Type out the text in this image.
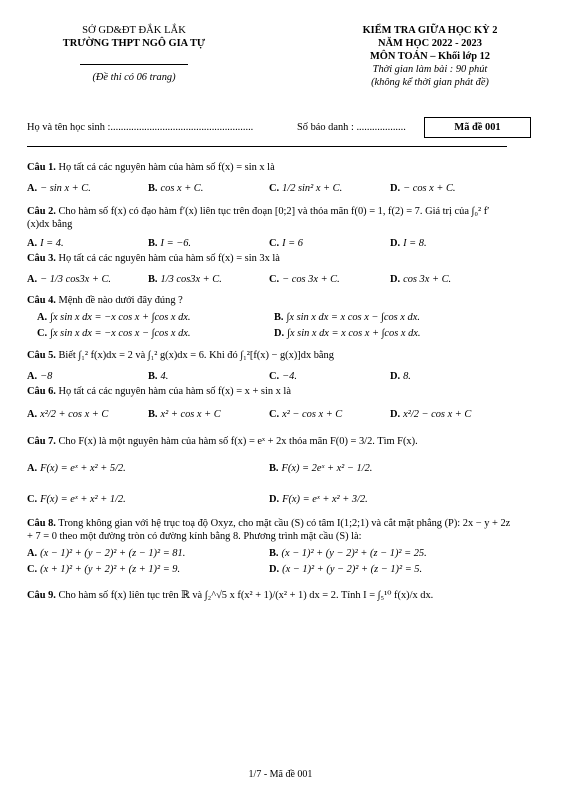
SỞ GD&ĐT ĐẮK LẮK
TRƯỜNG THPT NGÔ GIA TỰ
(Đề thi có 06 trang)
KIỂM TRA GIỮA HỌC KỲ 2
NĂM HỌC 2022 - 2023
MÔN TOÁN – Khối lớp 12
Thời gian làm bài : 90 phút
(không kể thời gian phát đề)
Họ và tên học sinh :.......................................................	Số báo danh : ...................	Mã đề 001
Câu 1. Họ tất cả các nguyên hàm của hàm số f(x) = sin x là
A. − sin x + C.	B. cos x + C.	C. 1/2 sin² x + C.	D. − cos x + C.
Câu 2. Cho hàm số f(x) có đạo hàm f′(x) liên tục trên đoạn [0;2] và thỏa mãn f(0) = 1, f(2) = 7. Giá trị của ∫₀² f′(x)dx bằng
A. I = 4.	B. I = −6.	C. I = 6	D. I = 8.
Câu 3. Họ tất cả các nguyên hàm của hàm số f(x) = sin 3x là
A. − 1/3 cos3x + C.	B. 1/3 cos3x + C.	C. − cos 3x + C.	D. cos 3x + C.
Câu 4. Mệnh đề nào dưới đây đúng ?
A. ∫x sin x dx = −x cos x + ∫cos x dx.	B. ∫x sin x dx = x cos x − ∫cos x dx.
C. ∫x sin x dx = −x cos x − ∫cos x dx.	D. ∫x sin x dx = x cos x + ∫cos x dx.
Câu 5. Biết ∫₁² f(x)dx = 2 và ∫₁² g(x)dx = 6. Khi đó ∫₁²[f(x) − g(x)]dx bằng
A. −8	B. 4.	C. −4.	D. 8.
Câu 6. Họ tất cả các nguyên hàm của hàm số f(x) = x + sin x là
A. x²/2 + cos x + C	B. x² + cos x + C	C. x² − cos x + C	D. x²/2 − cos x + C
Câu 7. Cho F(x) là một nguyên hàm của hàm số f(x) = eˣ + 2x thỏa mãn F(0) = 3/2. Tìm F(x).
A. F(x) = eˣ + x² + 5/2.	B. F(x) = 2eˣ + x² − 1/2.
C. F(x) = eˣ + x² + 1/2.	D. F(x) = eˣ + x² + 3/2.
Câu 8. Trong không gian với hệ trục toạ độ Oxyz, cho mặt cầu (S) có tâm I(1;2;1) và cắt mặt phẳng (P): 2x − y + 2z + 7 = 0 theo một đường tròn có đường kính bằng 8. Phương trình mặt cầu (S) là:
A. (x − 1)² + (y − 2)² + (z − 1)² = 81.	B. (x − 1)² + (y − 2)² + (z − 1)² = 25.
C. (x + 1)² + (y + 2)² + (z + 1)² = 9.	D. (x − 1)² + (y − 2)² + (z − 1)² = 5.
Câu 9. Cho hàm số f(x) liên tục trên ℝ và ∫₂^√5 x f(x² + 1)/(x² + 1) dx = 2. Tính I = ∫₅¹⁰ f(x)/x dx.
1/7 - Mã đề 001
